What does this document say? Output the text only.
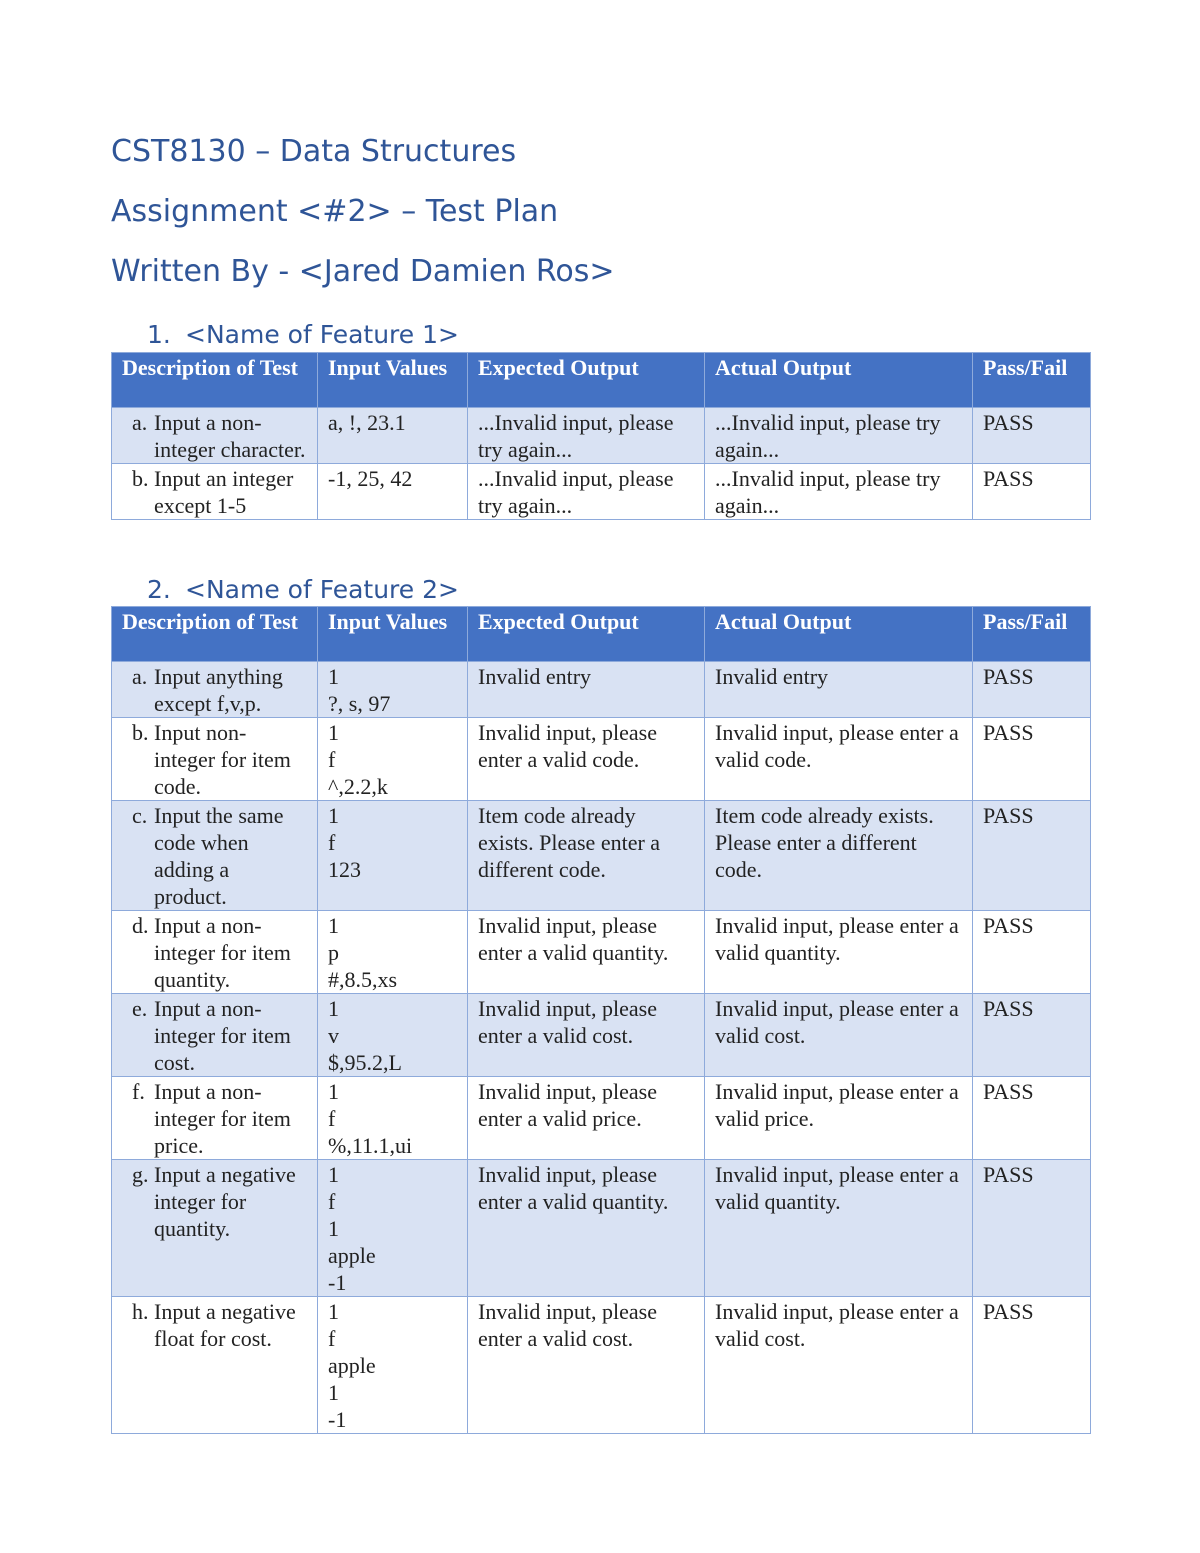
CST8130 – Data Structures
Assignment <#2> – Test Plan
Written By - <Jared Damien Ros>
1. <Name of Feature 1>
Description of Test	Input Values	Expected Output	Actual Output	Pass/Fail

a. Input a non-integer character.	a, !, 23.1	...Invalid input, please try again...	...Invalid input, please try again...	PASS

b. Input an integer except 1-5	-1, 25, 42	...Invalid input, please try again...	...Invalid input, please try again...	PASS
2. <Name of Feature 2>
Description of Test	Input Values	Expected Output	Actual Output	Pass/Fail

a. Input anything except f,v,p.	1
?, s, 97	Invalid entry	Invalid entry	PASS

b. Input non-integer for item code.	1
f
^,2.2,k	Invalid input, please enter a valid code.	Invalid input, please enter a valid code.	PASS

c. Input the same code when adding a product.	1
f
123	Item code already exists. Please enter a different code.	Item code already exists. Please enter a different code.	PASS

d. Input a non-integer for item quantity.	1
p
#,8.5,xs	Invalid input, please enter a valid quantity.	Invalid input, please enter a valid quantity.	PASS

e. Input a non-integer for item cost.	1
v
$,95.2,L	Invalid input, please enter a valid cost.	Invalid input, please enter a valid cost.	PASS

f. Input a non-integer for item price.	1
f
%,11.1,ui	Invalid input, please enter a valid price.	Invalid input, please enter a valid price.	PASS

g. Input a negative integer for quantity.	1
f
1
apple
-1	Invalid input, please enter a valid quantity.	Invalid input, please enter a valid quantity.	PASS

h. Input a negative float for cost.	1
f
apple
1
-1	Invalid input, please enter a valid cost.	Invalid input, please enter a valid cost.	PASS
